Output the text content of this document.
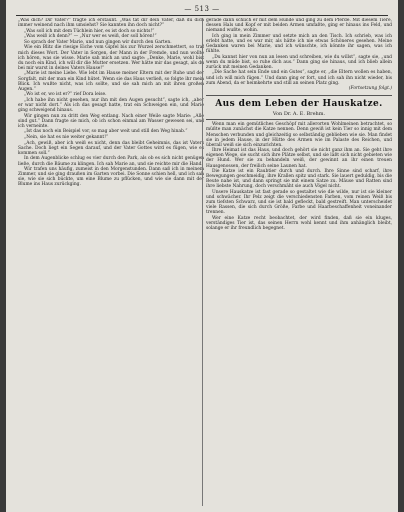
— 513 —

„Was dich? Dir Vater?“ fragte ich erstaunt. „Was tat dir dein Vater, daß du dich immer weinend nach ihm umsiehst? Sie kannten ihn doch nicht?“

„Was soll ich mit dem Tüchlein hier, es ist doch so nichts!“

„Was weiß ich denn?“ — „Nur wer es weiß, der soll hören!“

So sprach der Vater Marie, und nun gingen wir durch den Garten.

Wie ein Blitz die riesige Eiche vom Gipfel bis zur Wurzel zerschmettert, so traf mich dieses Wort. Der Vater in Sorgen, der Mann in der Fremde, und nun wollte ich hören, was sie wisse. Marie sah mich an und sagte: „Denke, Marie, wohl bist du noch ein Kind, ich will dir die Mutter ersetzen. Wer hätte mir das gesagt, als du bei mir warst in deines Vaters Hause!“

„Marie ist meine Liebe. Wie lebt im Hause meiner Eltern mit der Ruhe und der Sorgfalt, mit der man ein Kind hütet. Wenn sie das Haus verließ, so folgte ihr mein Blick. Ich wußte nicht, was ich sollte, und sie sah mich an mit ihren großen Augen.“

„Wo ist er, wo ist er?“ rief Dora leise.

„Ich habe ihn nicht gesehen, nur ihn mit den Augen gesucht“, sagte ich, „aber er war nicht dort.“ Als ich das gesagt hatte, trat ein Schweigen ein, und Marie ging schweigend hinaus.

Wir gingen nun zu dritt den Weg entlang. Nach einer Weile sagte Marie: „Alle sind gut.“ Dann fragte sie mich, ob ich schon einmal am Wasser gewesen sei, und ich verneinte.

„Ist das noch ein Beispiel vor, so mag aber weit und still den Weg hinab.“

„Nein, sie hat es nie weiter gekannt!“

„Ach, gewiß, aber ich weiß es nicht, denn das bleibt Geheimnis, das ist Vaters Sache. Doch liegt ein Segen darauf, und der Vater Gottes wird es fügen, wie es kommen soll.“

In dem Augenblicke schlug es vier durch den Park, als ob es sich nicht genügen ließe, durch die Bäume zu klingen. Ich sah Marie an, und sie reichte mir die Hand.

Wir trafen uns häufig, zumeist in den Morgenstunden. Dann saß ich in meinem Zimmer, und sie ging draußen im Garten vorbei. Die Sonne schien hell, und ich sah sie, wie sie sich bückte, um eine Blume zu pflücken, und wie sie dann mit der Blume ins Haus zurückging.

gerade dann schlich er mit dem Hunde und ging zu dem Pferde. Mit diesem Tiere, dessen Hals und Kopf er mit beiden Armen umfaßte, ging er hinaus ins Feld, und niemand wußte, wohin.

Ich ging in mein Zimmer und setzte mich an den Tisch. Ich schrieb, was ich erlebt hatte, und es war mir, als hätte ich nie etwas Schöneres gesehen. Meine Gedanken waren bei Marie, und ich wünschte, ich könnte ihr sagen, was ich fühlte.

„Du kannst hier von nun an lesen und schreiben, wie du willst“, sagte sie, „und wenn du müde bist, so ruhe dich aus.“ Dann ging sie hinaus, und ich blieb allein zurück mit meinen Gedanken.

„Die Sache hat sein Ende und ein Gutes“, sagte er, „die Eltern wollen es haben, und ich will mich fügen.“ Und dann ging er fort, und ich sah ihn nicht wieder, bis zum Abend, da er heimkehrte und still an seinen Platz ging.

(Fortsetzung folgt.)

Aus dem Leben der Hauskatze.
Von Dr. A. E. Brehm.

Wenn man ein gemütliches Geschöpf mit allerorten Wohlmeinen betrachtet, so müßte man zunächst die Katze nennen. Denn gewiß ist kein Tier so innig mit dem Menschen verbunden und gleichzeitig so selbständig geblieben wie sie. Man findet sie in jedem Hause, in der Hütte des Armen wie im Palaste des Reichen, und überall weiß sie sich einzurichten.

Ihre Heimat ist das Haus, und doch gehört sie nicht ganz ihm an. Sie geht ihre eigenen Wege, sie sucht sich ihre Plätze selbst, und sie läßt sich nicht gebieten wie der Hund. Wer sie zu behandeln weiß, der gewinnt an ihr einen treuen Hausgenossen, der freilich seine Launen hat.

Die Katze ist ein Raubtier durch und durch. Ihre Sinne sind scharf, ihre Bewegungen geschmeidig, ihre Krallen spitz und stark. Sie lauert geduldig, bis die Beute nahe ist, und dann springt sie mit einem Satze zu. Mäuse und Ratten sind ihre liebste Nahrung, doch verschmäht sie auch Vögel nicht.

Unsere Hauskatze ist fast gerade so gestaltet wie die wilde, nur ist sie kleiner und schwächer. Ihr Pelz zeigt die verschiedensten Farben, vom reinen Weiß bis zum tiefsten Schwarz, und sie ist bald gefleckt, bald gestreift. Man unterscheidet viele Rassen, die sich durch Größe, Farbe und Haarbeschaffenheit voneinander trennen.

Wer eine Katze recht beobachtet, der wird finden, daß sie ein kluges, verständiges Tier ist, das seinen Herrn wohl kennt und ihm anhänglich bleibt, solange er ihr freundlich begegnet.
